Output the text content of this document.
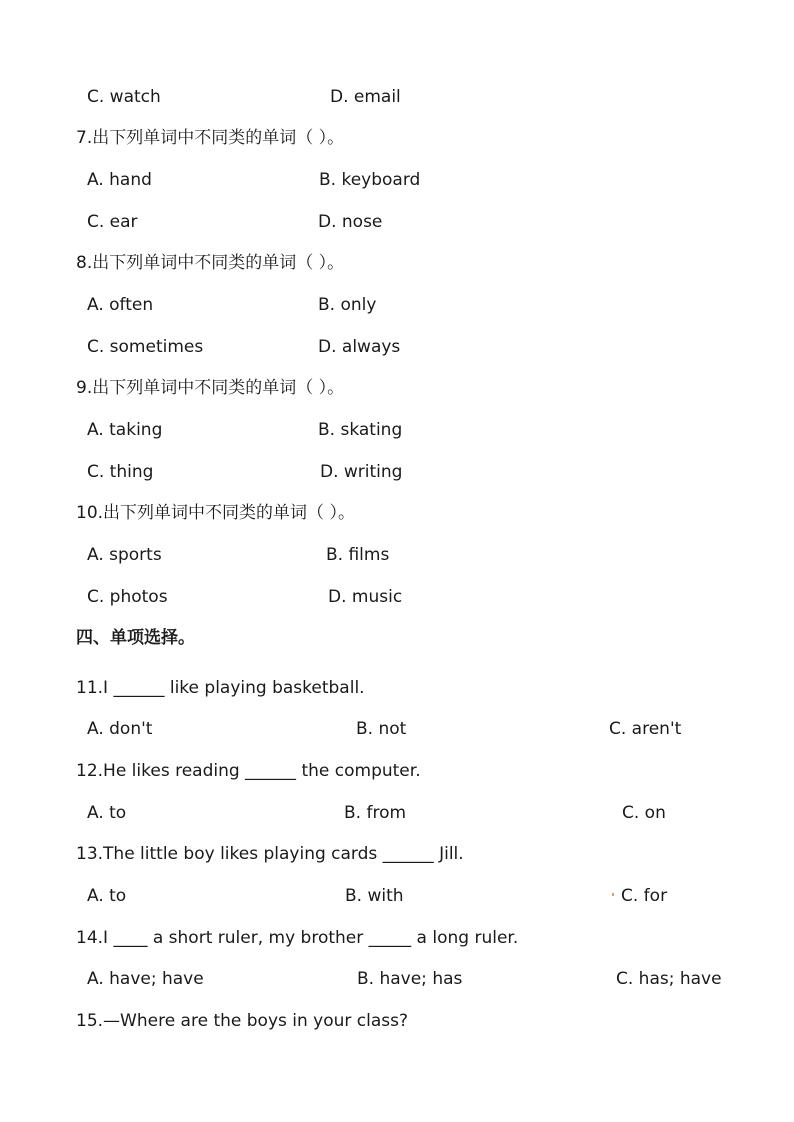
C. watch	D. email
7.出下列单词中不同类的单词（ ）。
A. hand	B. keyboard
C. ear	D. nose
8.出下列单词中不同类的单词（ ）。
A. often	B. only
C. sometimes	D. always
9.出下列单词中不同类的单词（ ）。
A. taking	B. skating
C. thing	D. writing
10.出下列单词中不同类的单词（ ）。
A. sports	B. films
C. photos	D. music
四、单项选择。
11.I ______ like playing basketball.
A. don't	B. not	C. aren't
12.He likes reading ______ the computer.
A. to	B. from	C. on
13.The little boy likes playing cards ______ Jill.
A. to	B. with	C. for
14.I ____ a short ruler, my brother _____ a long ruler.
A. have; have	B. have; has	C. has; have
15.—Where are the boys in your class?
